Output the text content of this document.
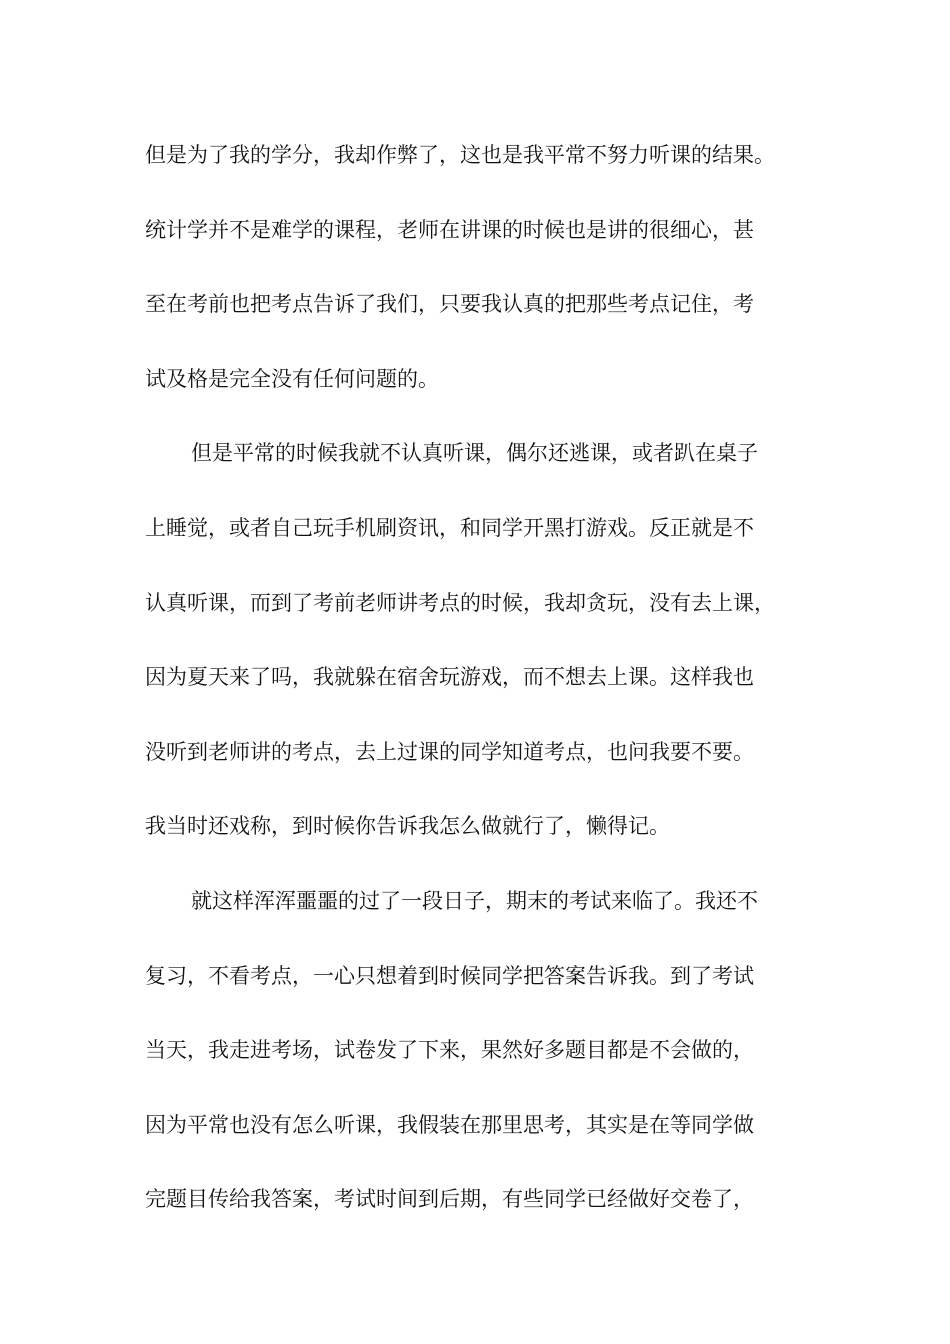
但是为了我的学分，我却作弊了，这也是我平常不努力听课的结果。
统计学并不是难学的课程，老师在讲课的时候也是讲的很细心，甚
至在考前也把考点告诉了我们，只要我认真的把那些考点记住，考
试及格是完全没有任何问题的。
但是平常的时候我就不认真听课，偶尔还逃课，或者趴在桌子
上睡觉，或者自己玩手机刷资讯，和同学开黑打游戏。反正就是不
认真听课，而到了考前老师讲考点的时候，我却贪玩，没有去上课，
因为夏天来了吗，我就躲在宿舍玩游戏，而不想去上课。这样我也
没听到老师讲的考点，去上过课的同学知道考点，也问我要不要。
我当时还戏称，到时候你告诉我怎么做就行了，懒得记。
就这样浑浑噩噩的过了一段日子，期末的考试来临了。我还不
复习，不看考点，一心只想着到时候同学把答案告诉我。到了考试
当天，我走进考场，试卷发了下来，果然好多题目都是不会做的，
因为平常也没有怎么听课，我假装在那里思考，其实是在等同学做
完题目传给我答案，考试时间到后期，有些同学已经做好交卷了，
